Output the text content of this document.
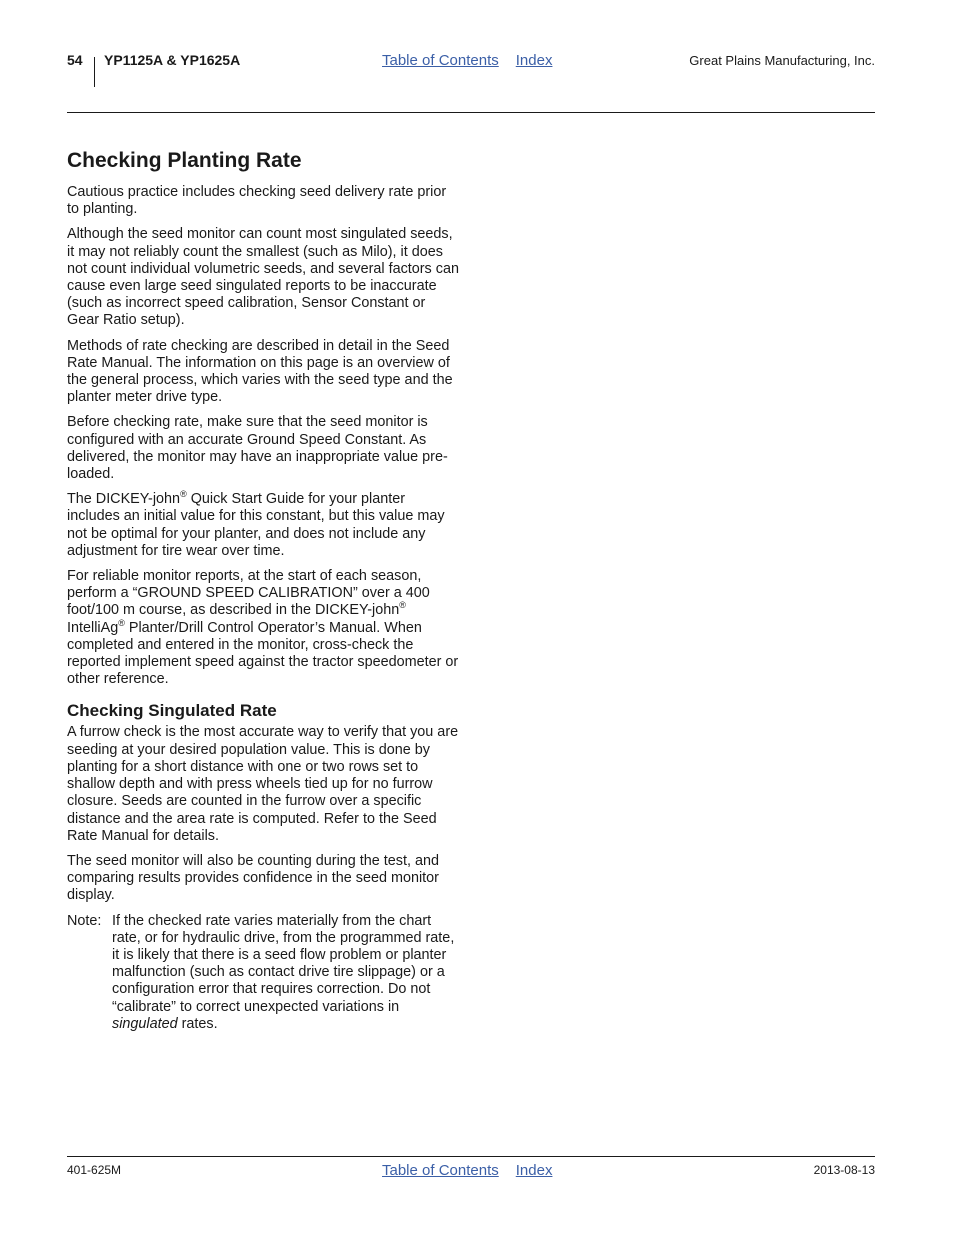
54 YP1125A & YP1625A	Table of Contents Index	Great Plains Manufacturing, Inc.
Checking Planting Rate

Cautious practice includes checking seed delivery rate prior to planting.

Although the seed monitor can count most singulated seeds, it may not reliably count the smallest (such as Milo), it does not count individual volumetric seeds, and several factors can cause even large seed singulated reports to be inaccurate (such as incorrect speed calibration, Sensor Constant or Gear Ratio setup).

Methods of rate checking are described in detail in the Seed Rate Manual. The information on this page is an overview of the general process, which varies with the seed type and the planter meter drive type.

Before checking rate, make sure that the seed monitor is configured with an accurate Ground Speed Constant. As delivered, the monitor may have an inappropriate value pre-loaded.

The DICKEY-john® Quick Start Guide for your planter includes an initial value for this constant, but this value may not be optimal for your planter, and does not include any adjustment for tire wear over time.

For reliable monitor reports, at the start of each season, perform a “GROUND SPEED CALIBRATION” over a 400 foot/100 m course, as described in the DICKEY-john® IntelliAg® Planter/Drill Control Operator’s Manual. When completed and entered in the monitor, cross-check the reported implement speed against the tractor speedometer or other reference.

Checking Singulated Rate

A furrow check is the most accurate way to verify that you are seeding at your desired population value. This is done by planting for a short distance with one or two rows set to shallow depth and with press wheels tied up for no furrow closure. Seeds are counted in the furrow over a specific distance and the area rate is computed. Refer to the Seed Rate Manual for details.

The seed monitor will also be counting during the test, and comparing results provides confidence in the seed monitor display.

Note: If the checked rate varies materially from the chart rate, or for hydraulic drive, from the programmed rate, it is likely that there is a seed flow problem or planter malfunction (such as contact drive tire slippage) or a configuration error that requires correction. Do not “calibrate” to correct unexpected variations in singulated rates.
401-625M	Table of Contents Index	2013-08-13
